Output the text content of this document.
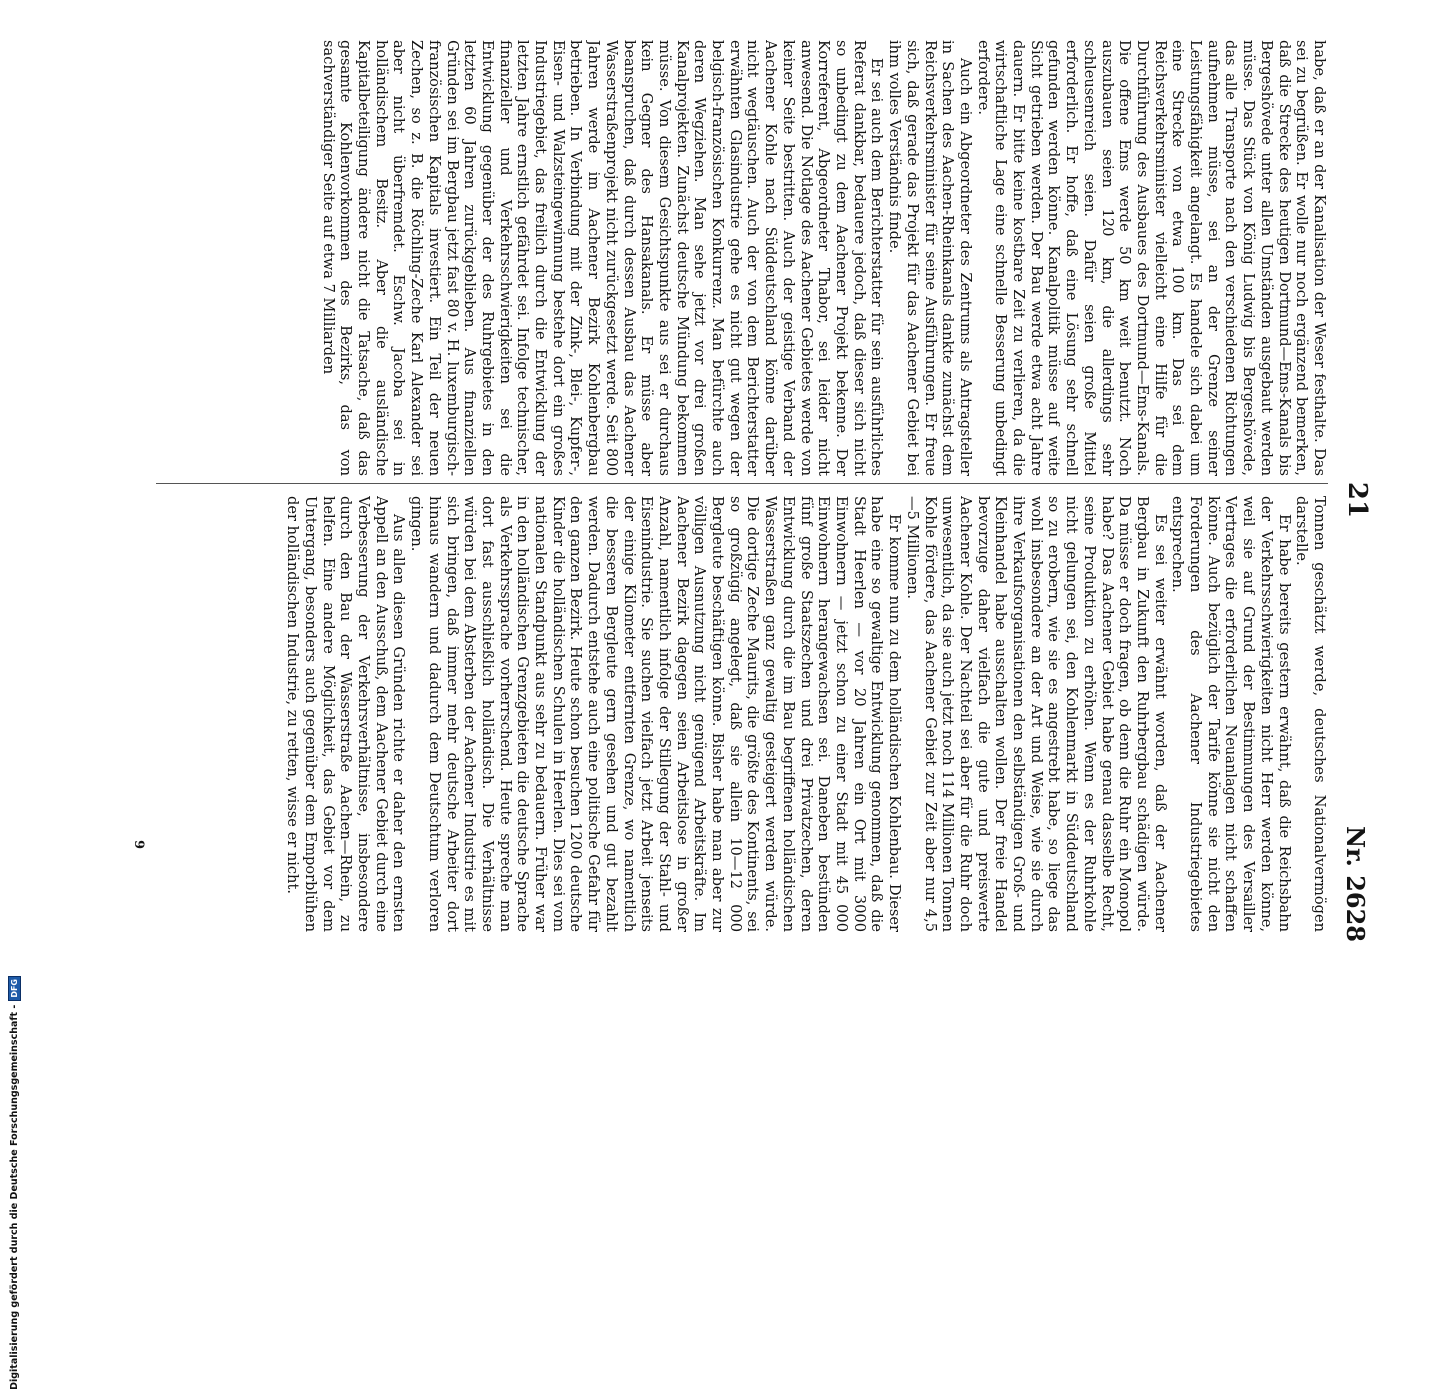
21
Nr. 2628

habe, daß er an der Kanalisation der Weser festhalte. Das sei zu begrüßen. Er wolle nur noch ergänzend bemerken, daß die Strecke des heutigen Dortmund—Ems-Kanals bis Bergeshövede unter allen Umständen ausgebaut werden müsse. Das Stück von König Ludwig bis Bergeshövede, das alle Transporte nach den verschiedenen Richtungen aufnehmen müsse, sei an der Grenze seiner Leistungsfähigkeit angelangt. Es handele sich dabei um eine Strecke von etwa 100 km. Das sei dem Reichsverkehrsminister vielleicht eine Hilfe für die Durchführung des Ausbaues des Dortmund—Ems-Kanals. Die offene Ems werde 50 km weit benutzt. Noch auszubauen seien 120 km, die allerdings sehr schleusenreich seien. Dafür seien große Mittel erforderlich. Er hoffe, daß eine Lösung sehr schnell gefunden werden könne. Kanalpolitik müsse auf weite Sicht getrieben werden. Der Bau werde etwa acht Jahre dauern. Er bitte keine kostbare Zeit zu verlieren, da die wirtschaftliche Lage eine schnelle Besserung unbedingt erfordere.

Auch ein Abgeordneter des Zentrums als Antragsteller in Sachen des Aachen-Rheinkanals dankte zunächst dem Reichsverkehrsminister für seine Ausführungen. Er freue sich, daß gerade das Projekt für das Aachener Gebiet bei ihm volles Verständnis finde.

Er sei auch dem Berichterstatter für sein ausführliches Referat dankbar, bedauere jedoch, daß dieser sich nicht so unbedingt zu dem Aachener Projekt bekenne. Der Korreferent, Abgeordneter Thabor, sei leider nicht anwesend. Die Notlage des Aachener Gebietes werde von keiner Seite bestritten. Auch der geistige Verband der Aachener Kohle nach Süddeutschland könne darüber nicht wegtäuschen. Auch der von dem Berichterstatter erwähnten Glasindustrie gehe es nicht gut wegen der belgisch-französischen Konkurrenz. Man befürchte auch deren Wegziehen. Man sehe jetzt vor drei großen Kanalprojekten. Zunächst deutsche Mündung bekommen müsse. Von diesem Gesichtspunkte aus sei er durchaus kein Gegner des Hansakanals. Er müsse aber beanspruchen, daß durch dessen Ausbau das Aachener Wasserstraßenprojekt nicht zurückgesetzt werde. Seit 800 Jahren werde im Aachener Bezirk Kohlenbergbau betrieben. In Verbindung mit der Zink-, Blei-, Kupfer-, Eisen- und Walzsteingewinnung bestehe dort ein großes Industriegebiet, das freilich durch die Entwicklung der letzten Jahre ernstlich gefährdet sei. Infolge technischer, finanzieller und Verkehrsschwierigkeiten sei die Entwicklung gegenüber der des Ruhrgebietes in den letzten 60 Jahren zurückgeblieben. Aus finanziellen Gründen sei im Bergbau jetzt fast 80 v. H. luxemburgisch-französischen Kapitals investiert. Ein Teil der neuen Zechen, so z. B. die Röchling-Zeche Karl Alexander sei aber nicht überfremdet. Eschw. Jacoba sei in holländischem Besitz. Aber die ausländische Kapitalbeteiligung ändere nicht die Tatsache, daß das gesamte Kohlenvorkommen des Bezirks, das von sachverständiger Seite auf etwa 7 Milliarden

Tonnen geschätzt werde, deutsches Nationalvermögen darstelle.

Er habe bereits gestern erwähnt, daß die Reichsbahn der Verkehrsschwierigkeiten nicht Herr werden könne, weil sie auf Grund der Bestimmungen des Versailler Vertrages die erforderlichen Neuanlagen nicht schaffen könne. Auch bezüglich der Tarife könne sie nicht den Forderungen des Aachener Industriegebietes entsprechen.

Es sei weiter erwähnt worden, daß der Aachener Bergbau in Zukunft den Ruhrbergbau schädigen würde. Da müsse er doch fragen, ob denn die Ruhr ein Monopol habe? Das Aachener Gebiet habe genau dasselbe Recht, seine Produktion zu erhöhen. Wenn es der Ruhrkohle nicht gelungen sei, den Kohlenmarkt in Süddeutschland so zu erobern, wie sie es angestrebt habe, so liege das wohl insbesondere an der Art und Weise, wie sie durch ihre Verkaufsorganisationen den selbständigen Groß- und Kleinhandel habe ausschalten wollen. Der freie Handel bevorzuge daher vielfach die gute und preiswerte Aachener Kohle. Der Nachteil sei aber für die Ruhr doch unwesentlich, da sie auch jetzt noch 114 Millionen Tonnen Kohle fördere, das Aachener Gebiet zur Zeit aber nur 4,5—5 Millionen.

Er komme nun zu dem holländischen Kohlenbau. Dieser habe eine so gewaltige Entwicklung genommen, daß die Stadt Heerlen — vor 20 Jahren ein Ort mit 3000 Einwohnern — jetzt schon zu einer Stadt mit 45 000 Einwohnern herangewachsen sei. Daneben bestünden fünf große Staatszechen und drei Privatzechen, deren Entwicklung durch die im Bau begriffenen holländischen Wasserstraßen ganz gewaltig gesteigert werden würde. Die dortige Zeche Maurits, die größte des Kontinents, sei so großzügig angelegt, daß sie allein 10—12 000 Bergleute beschäftigen könne. Bisher habe man aber zur völligen Ausnutzung nicht genügend Arbeitskräfte. Im Aachener Bezirk dagegen seien Arbeitslose in großer Anzahl, namentlich infolge der Stillegung der Stahl- und Eisenindustrie. Sie suchen vielfach jetzt Arbeit jenseits der einige Kilometer entfernten Grenze, wo namentlich die besseren Bergleute gern gesehen und gut bezahlt werden. Dadurch entstehe auch eine politische Gefahr für den ganzen Bezirk. Heute schon besuchen 1200 deutsche Kinder die holländischen Schulen in Heerlen. Dies sei vom nationalen Standpunkt aus sehr zu bedauern. Früher war in den holländischen Grenzgebieten die deutsche Sprache als Verkehrssprache vorherrschend. Heute spreche man dort fast ausschließlich holländisch. Die Verhältnisse würden bei dem Absterben der Aachener Industrie es mit sich bringen, daß immer mehr deutsche Arbeiter dort hinaus wandern und dadurch dem Deutschtum verloren gingen.

Aus allen diesen Gründen richte er daher den ernsten Appell an den Ausschuß, dem Aachener Gebiet durch eine Verbesserung der Verkehrsverhältnisse, insbesondere durch den Bau der Wasserstraße Aachen—Rhein, zu helfen. Eine andere Möglichkeit, das Gebiet vor dem Untergang, besonders auch gegenüber dem Emporblühen der holländischen Industrie, zu retten, wisse er nicht.

9
Digitalisierung gefördert durch die Deutsche Forschungsgemeinschaft -
DFG
